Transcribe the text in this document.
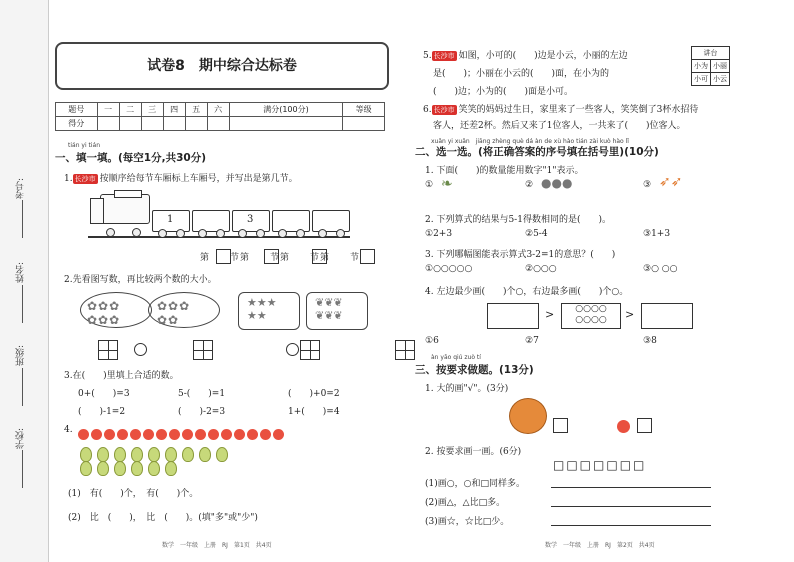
考号:
姓名:
班级:
学校:
试卷8　期中综合达标卷
题号	一	二	三	四	五	六	满分(100分)	等级
得分								
tián yi tián
一、填一填。(每空1分,共30分)
1. 长沙市 按顺序给每节车厢标上车厢号，并写出是第几节。
1	3
第　　节第　　节第　　节第　　节
2.先看图写数，再比较两个数的大小。
✿✿✿
✿✿✿
✿✿✿
✿✿
★★★
★★
❦❦❦
❦❦❦

3.在(　　)里填上合适的数。
0+(　　)=3	5-(　　)=1	(　　)+0=2
(　　)-1=2	(　　)-2=3	1+(　　)=4
4.
(1)　有(　　)个，　有(　　)个。
(2)　比　(　　)，　比　(　　)。(填"多"或"少")
数学　一年级　上册　RJ　第1页　共4页
5. 长沙市 如图，小可的(　　)边是小云，小丽的左边
是(　　)；小丽在小云的(　　)面，在小为的
(　　)边；小为的(　　)面是小可。
讲台	
小为	小丽
小可	小云
6. 长沙市 笑笑的妈妈过生日，家里来了一些客人，笑笑倒了3杯水招待
客人，还差2杯。然后又来了1位客人，一共来了(　　)位客人。
xuǎn yi xuǎn　jiāng zhèng què dá àn de xù hào tián zài kuò hào lǐ
二、选一选。(将正确答案的序号填在括号里)(10分)
1. 下面(　　)的数量能用数字"1"表示。
① ❧	② ●●●	③ ➶➶
2. 下列算式的结果与5-1得数相同的是(　　)。
①2+3	②5-4	③1+3
3. 下列哪幅图能表示算式3-2=1的意思？(　　)
①○○○○○	②○○○	③○ ○○
4. 左边最少画(　　)个○，右边最多画(　　)个○。
>	○○○○
○○○○	>
①6	②7	③8
àn yāo qiú zuò tí
三、按要求做题。(13分)
1. 大的画"√"。(3分)
2. 按要求画一画。(6分)
□□□□□□□
(1)画○，○和□同样多。
(2)画△，△比□多。
(3)画☆，☆比□少。
数学　一年级　上册　RJ　第2页　共4页
